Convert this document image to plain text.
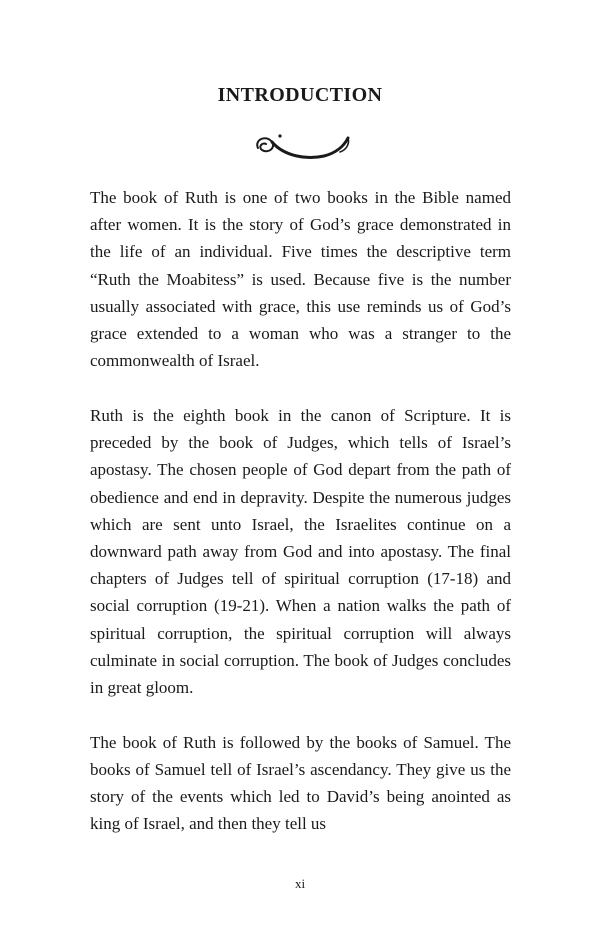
INTRODUCTION

The book of Ruth is one of two books in the Bible named after women. It is the story of God’s grace demonstrated in the life of an individual. Five times the descriptive term “Ruth the Moabitess” is used. Because five is the number usually associated with grace, this use reminds us of God’s grace extended to a woman who was a stranger to the commonwealth of Israel.

Ruth is the eighth book in the canon of Scripture. It is preceded by the book of Judges, which tells of Israel’s apostasy. The chosen people of God depart from the path of obedience and end in depravity. Despite the numerous judges which are sent unto Israel, the Israelites continue on a downward path away from God and into apostasy. The final chapters of Judges tell of spiritual corruption (17-18) and social corruption (19-21). When a nation walks the path of spiritual corruption, the spiritual corruption will always culminate in social corruption. The book of Judges concludes in great gloom.

The book of Ruth is followed by the books of Samuel. The books of Samuel tell of Israel’s ascendancy. They give us the story of the events which led to David’s being anointed as king of Israel, and then they tell us

xi
